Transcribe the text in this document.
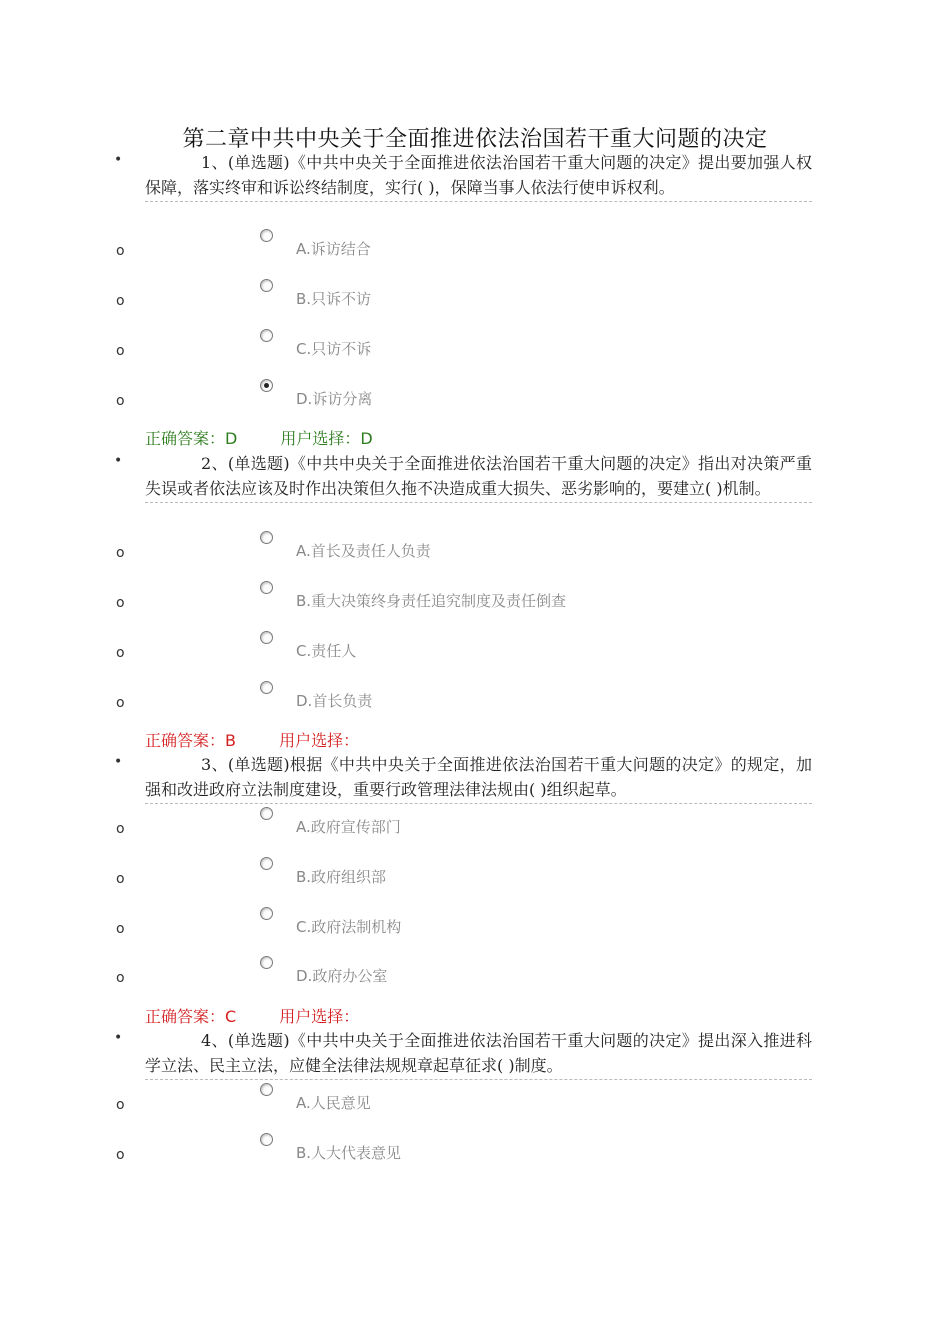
第二章中共中央关于全面推进依法治国若干重大问题的决定
•	1、(单选题)《中共中央关于全面推进依法治国若干重大问题的决定》提出要加强人权保障，落实终审和诉讼终结制度，实行( )，保障当事人依法行使申诉权利。
o	A.诉访结合
o	B.只诉不访
o	C.只访不诉
o	D.诉访分离
正确答案：D	用户选择：D
•	2、(单选题)《中共中央关于全面推进依法治国若干重大问题的决定》指出对决策严重失误或者依法应该及时作出决策但久拖不决造成重大损失、恶劣影响的，要建立( )机制。
o	A.首长及责任人负责
o	B.重大决策终身责任追究制度及责任倒查
o	C.责任人
o	D.首长负责
正确答案：B	用户选择：
•	3、(单选题)根据《中共中央关于全面推进依法治国若干重大问题的决定》的规定，加强和改进政府立法制度建设，重要行政管理法律法规由( )组织起草。
o	A.政府宣传部门
o	B.政府组织部
o	C.政府法制机构
o	D.政府办公室
正确答案：C	用户选择：
•	4、(单选题)《中共中央关于全面推进依法治国若干重大问题的决定》提出深入推进科学立法、民主立法，应健全法律法规规章起草征求( )制度。
o	A.人民意见
o	B.人大代表意见
